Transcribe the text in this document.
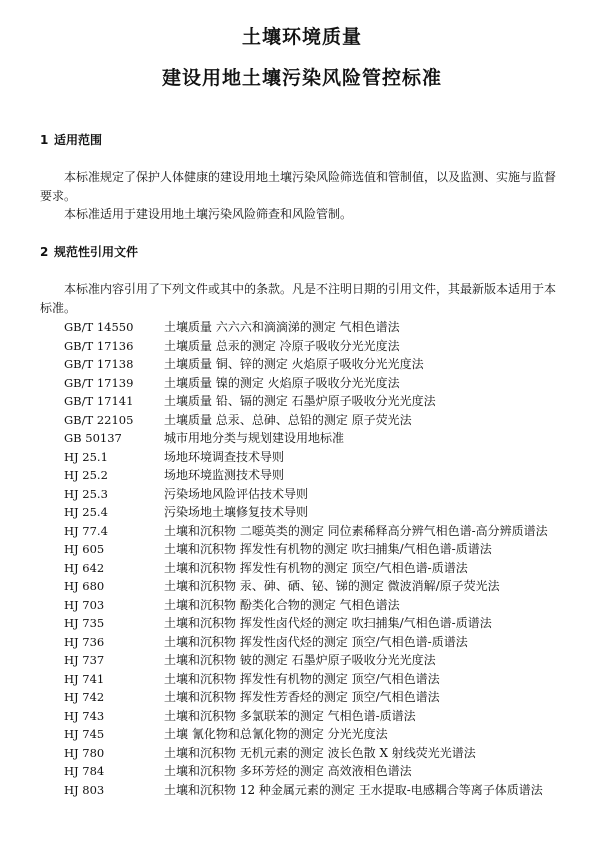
土壤环境质量
建设用地土壤污染风险管控标准
1 适用范围
本标准规定了保护人体健康的建设用地土壤污染风险筛选值和管制值，以及监测、实施与监督要求。
本标准适用于建设用地土壤污染风险筛查和风险管制。
2 规范性引用文件
本标准内容引用了下列文件或其中的条款。凡是不注明日期的引用文件，其最新版本适用于本标准。
GB/T 14550	土壤质量 六六六和滴滴涕的测定 气相色谱法
GB/T 17136	土壤质量 总汞的测定 冷原子吸收分光光度法
GB/T 17138	土壤质量 铜、锌的测定 火焰原子吸收分光光度法
GB/T 17139	土壤质量 镍的测定 火焰原子吸收分光光度法
GB/T 17141	土壤质量 铅、镉的测定 石墨炉原子吸收分光光度法
GB/T 22105	土壤质量 总汞、总砷、总铅的测定 原子荧光法
GB 50137	城市用地分类与规划建设用地标准
HJ 25.1	场地环境调查技术导则
HJ 25.2	场地环境监测技术导则
HJ 25.3	污染场地风险评估技术导则
HJ 25.4	污染场地土壤修复技术导则
HJ 77.4	土壤和沉积物 二噁英类的测定 同位素稀释高分辨气相色谱-高分辨质谱法
HJ 605	土壤和沉积物 挥发性有机物的测定 吹扫捕集/气相色谱-质谱法
HJ 642	土壤和沉积物 挥发性有机物的测定 顶空/气相色谱-质谱法
HJ 680	土壤和沉积物 汞、砷、硒、铋、锑的测定 微波消解/原子荧光法
HJ 703	土壤和沉积物 酚类化合物的测定 气相色谱法
HJ 735	土壤和沉积物 挥发性卤代烃的测定 吹扫捕集/气相色谱-质谱法
HJ 736	土壤和沉积物 挥发性卤代烃的测定 顶空/气相色谱-质谱法
HJ 737	土壤和沉积物 铍的测定 石墨炉原子吸收分光光度法
HJ 741	土壤和沉积物 挥发性有机物的测定 顶空/气相色谱法
HJ 742	土壤和沉积物 挥发性芳香烃的测定 顶空/气相色谱法
HJ 743	土壤和沉积物 多氯联苯的测定 气相色谱-质谱法
HJ 745	土壤 氰化物和总氰化物的测定 分光光度法
HJ 780	土壤和沉积物 无机元素的测定 波长色散 X 射线荧光光谱法
HJ 784	土壤和沉积物 多环芳烃的测定 高效液相色谱法
HJ 803	土壤和沉积物 12 种金属元素的测定 王水提取-电感耦合等离子体质谱法
